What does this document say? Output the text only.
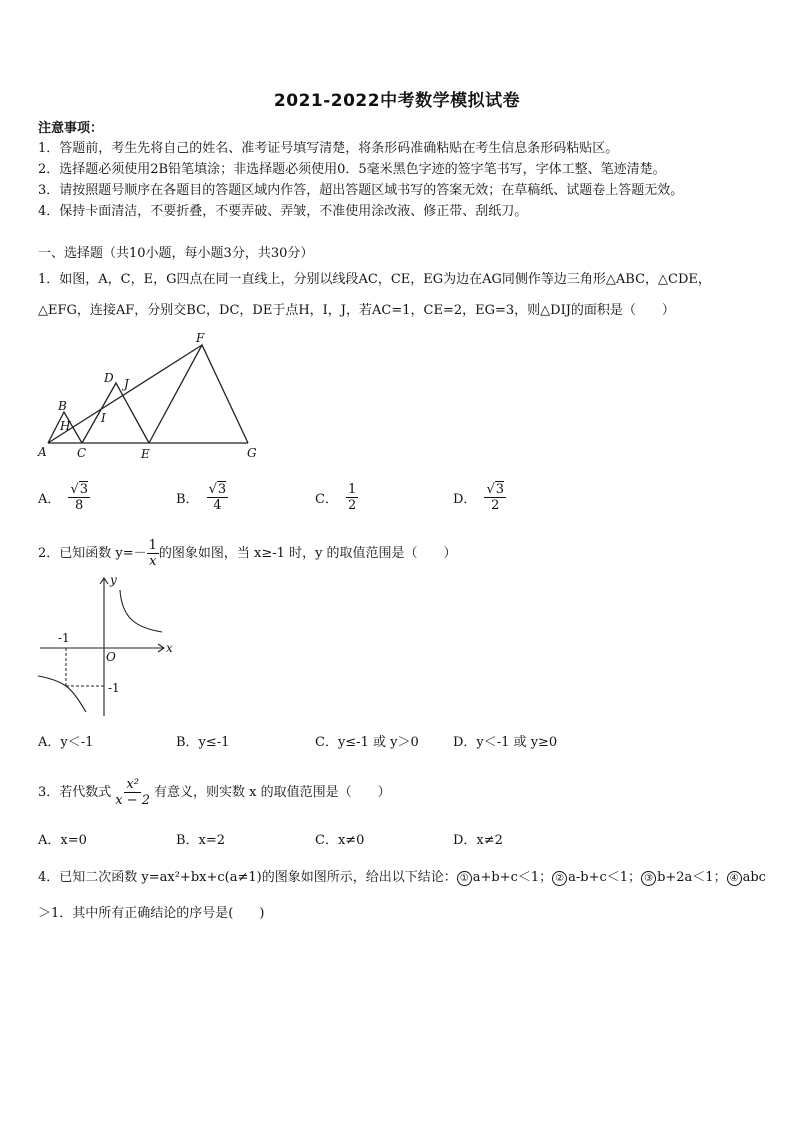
2021-2022中考数学模拟试卷
注意事项：
1．答题前，考生先将自己的姓名、准考证号填写清楚，将条形码准确粘贴在考生信息条形码粘贴区。
2．选择题必须使用2B铅笔填涂；非选择题必须使用0．5毫米黑色字迹的签字笔书写，字体工整、笔迹清楚。
3．请按照题号顺序在各题目的答题区域内作答，超出答题区域书写的答案无效；在草稿纸、试题卷上答题无效。
4．保持卡面清洁，不要折叠，不要弄破、弄皱，不准使用涂改液、修正带、刮纸刀。
一、选择题（共10小题，每小题3分，共30分）
1．如图，A，C，E，G四点在同一直线上，分别以线段AC，CE，EG为边在AG同侧作等边三角形△ABC，△CDE，
△EFG，连接AF，分别交BC，DC，DE于点H，I，J，若AC=1，CE=2，EG=3，则△DIJ的面积是（　　）
A
B
C
D
E
F
G
H
I
J
A． $\frac{√3}{8}$	B． $\frac{√3}{4}$	C． $\frac{1}{2}$	D． $\frac{√3}{2}$
2．已知函数 $y=- \frac{1}{x}$ 的图象如图，当 x≥-1 时，y 的取值范围是（　　）
y
x
O
-1
-1
A．y＜-1	B．y≤-1	C．y≤-1 或 y＞0	D．y＜-1 或 y≥0
3．若代数式 $\frac{\text{x²}}{x - 2}$ 有意义，则实数 x 的取值范围是（　　）
A．x=0	B．x=2	C．x≠0	D．x≠2
4．已知二次函数 y=ax²+bx+c(a≠1)的图象如图所示，给出以下结论： ① a+b+c＜1； ② a-b+c＜1； ③ b+2a＜1； ④ abc
＞1．其中所有正确结论的序号是(　　)
